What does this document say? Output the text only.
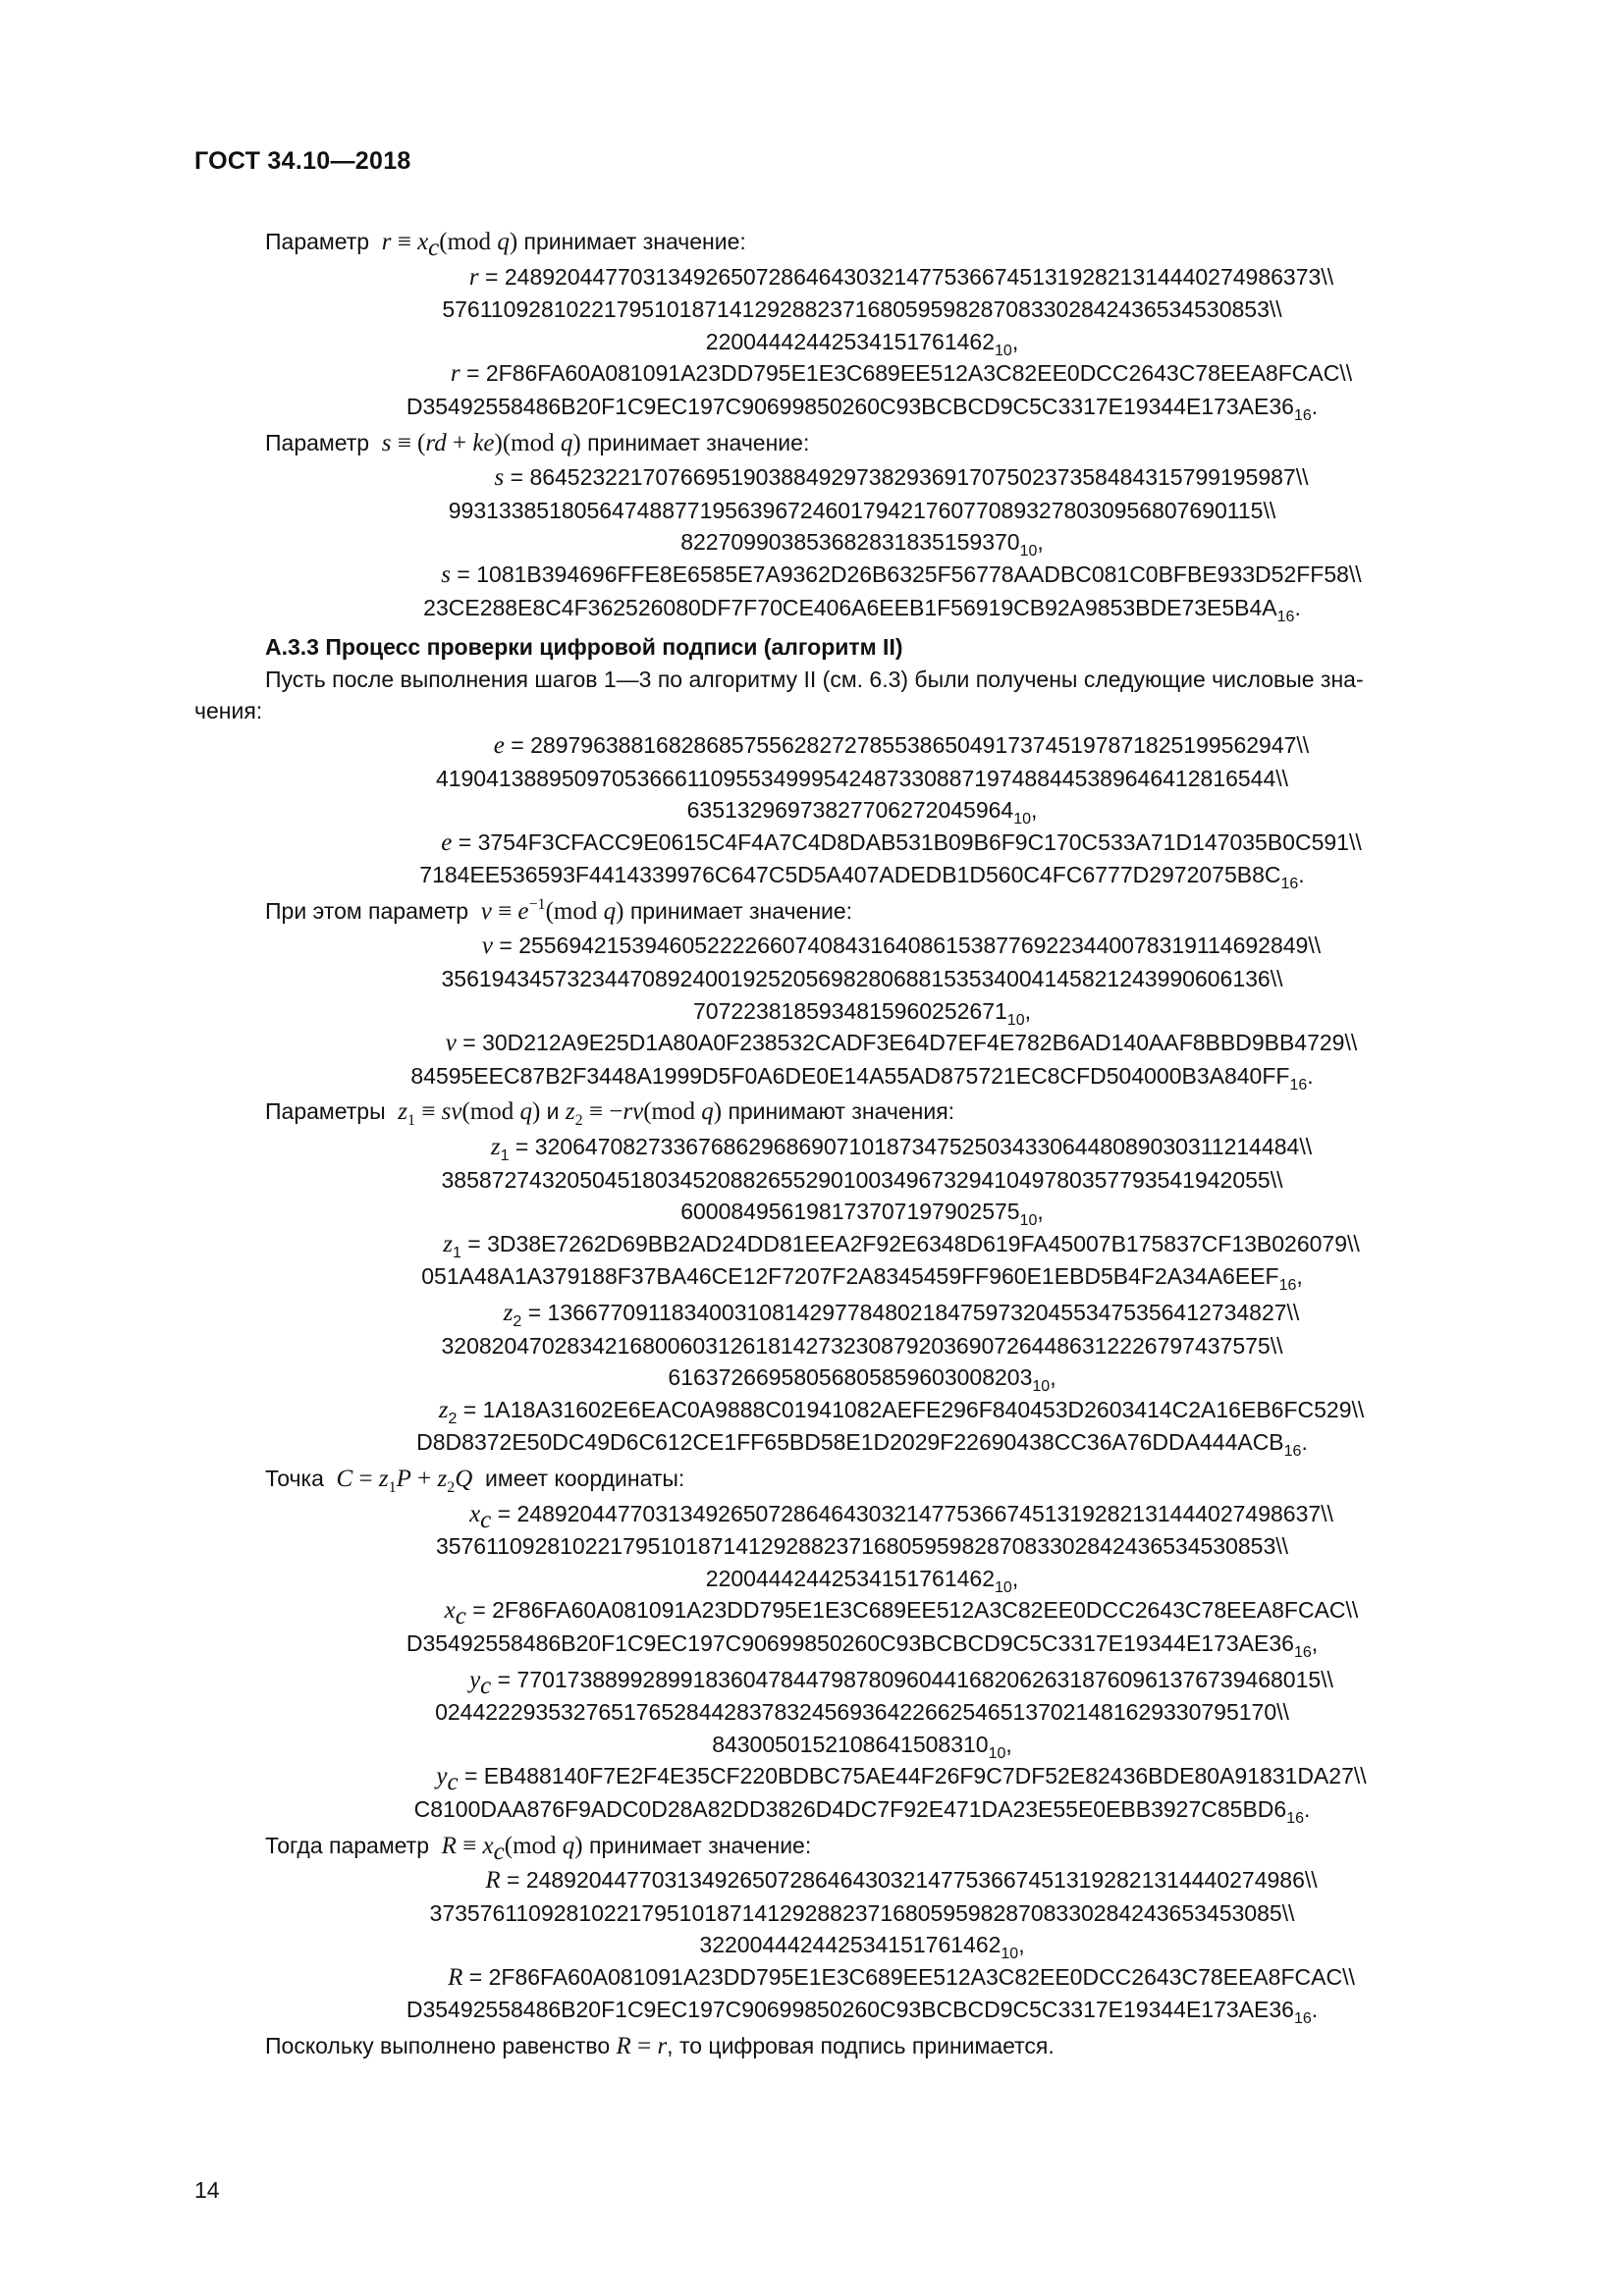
ГОСТ 34.10—2018

Параметр $r \equiv x_c(mod$ q) принимает значение:

r = 24892044770313492650728646430321477536674513192821314440274986373\\
576110928102217951018714129288237168059598287083302842436534530853\\
$22004442442534151761462_{10}$,
r = 2F86FA60A081091A23DD795E1E3C689EE512A3C82EE0DCC2643C78EEA8FCAC\\
$D35492558486B20F1C9EC197C90699850260C93BCBCD9C5C3317E19344E173AE36_{16}$.

Параметр s ≡ (rd + ke)(mod q) принимает значение:

s = 8645232217076695190388492973829369170750237358484315799195987\\
99313385180564748877195639672460179421760770893278030956807690115\\
$822709903853682831835159370_{10}$,
s = 1081B394696FFE8E6585E7A9362D26B6325F56778AADBC081C0BFBE933D52FF58\\
$23CE288E8C4F362526080DF7F70CE406A6EEB1F56919CB92A9853BDE73E5B4A_{16}$.

А.3.3 Процесс проверки цифровой подписи (алгоритм II)

Пусть после выполнения шагов 1—3 по алгоритму II (см. 6.3) были получены следующие числовые зна-

чения:

e = 2897963881682868575562827278553865049173745197871825199562947\\
4190413889509705366611095534999542487330887197488445389646412816544\\
$63513296973827706272045964_{10}$,
e = 3754F3CFACC9E0615C4F4A7C4D8DAB531B09B6F9C170C533A71D147035B0C591\\
$7184EE536593F4414339976C647C5D5A407ADEDB1D560C4FC6777D2972075B8C_{16}$.

При этом параметр $v \equiv e^{-1}(mod$ q) принимает значение:

v = 255694215394605222266074084316408615387769223440078319114692849\\
356194345732344708924001925205698280688153534004145821243990606136\\
$7072238185934815960252671_{10}$,
v = 30D212A9E25D1A80A0F238532CADF3E64D7EF4E782B6AD140AAF8BBD9BB4729\\
$84595EEC87B2F3448A1999D5F0A6DE0E14A55AD875721EC8CFD504000B3A840FF_{16}$.

Параметры $z_1 \equiv sv(mod$ q) и $z_2 \equiv -rv(mod$ q) принимают значения:

$z_1$ = 3206470827336768629686907101873475250343306448089030311214484\\
385872743205045180345208826552901003496732941049780357793541942055\\
$600084956198173707197902575_{10}$,
$z_1$ = 3D38E7262D69BB2AD24DD81EEA2F92E6348D619FA45007B175837CF13B026079\\
$051A48A1A379188F37BA46CE12F7207F2A8345459FF960E1EBD5B4F2A34A6EEF_{16}$,
$z_2$ = 13667709118340031081429778480218475973204553475356412734827\\
320820470283421680060312618142732308792036907264486312226797437575\\
$61637266958056805859603008203_{10}$,
$z_2$ = 1A18A31602E6EAC0A9888C01941082AEFE296F840453D2603414C2A16EB6FC529\\
$D8D8372E50DC49D6C612CE1FF65BD58E1D2029F22690438CC36A76DDA444ACB_{16}$.

Точка $C = z_1P + z_2Q$ имеет координаты:

$x_c$ = 2489204477031349265072864643032147753667451319282131444027498637\\
3576110928102217951018714129288237168059598287083302842436534530853\\
$22004442442534151761462_{10}$,
$x_c$ = 2F86FA60A081091A23DD795E1E3C689EE512A3C82EE0DCC2643C78EEA8FCAC\\
$D35492558486B20F1C9EC197C90699850260C93BCBCD9C5C3317E19344E173AE36_{16}$,
$y_c$ = 7701738899289918360478447987809604416820626318760961376739468015\\
0244222935327651765284428378324569364226625465137021481629330795170\\
$8430050152108641508310_{10}$,
$y_c$ = EB488140F7E2F4E35CF220BDBC75AE44F26F9C7DF52E82436BDE80A91831DA27\\
$C8100DAA876F9ADC0D28A82DD3826D4DC7F92E471DA23E55E0EBB3927C85BD6_{16}$.

Тогда параметр $R \equiv x_c(mod$ q) принимает значение:

R = 24892044770313492650728646430321477536674513192821314440274986\\
37357611092810221795101871412928823716805959828708330284243653453085\\
$322004442442534151761462_{10}$,
R = 2F86FA60A081091A23DD795E1E3C689EE512A3C82EE0DCC2643C78EEA8FCAC\\
$D35492558486B20F1C9EC197C90699850260C93BCBCD9C5C3317E19344E173AE36_{16}$.

Поскольку выполнено равенство R = r, то цифровая подпись принимается.

14
